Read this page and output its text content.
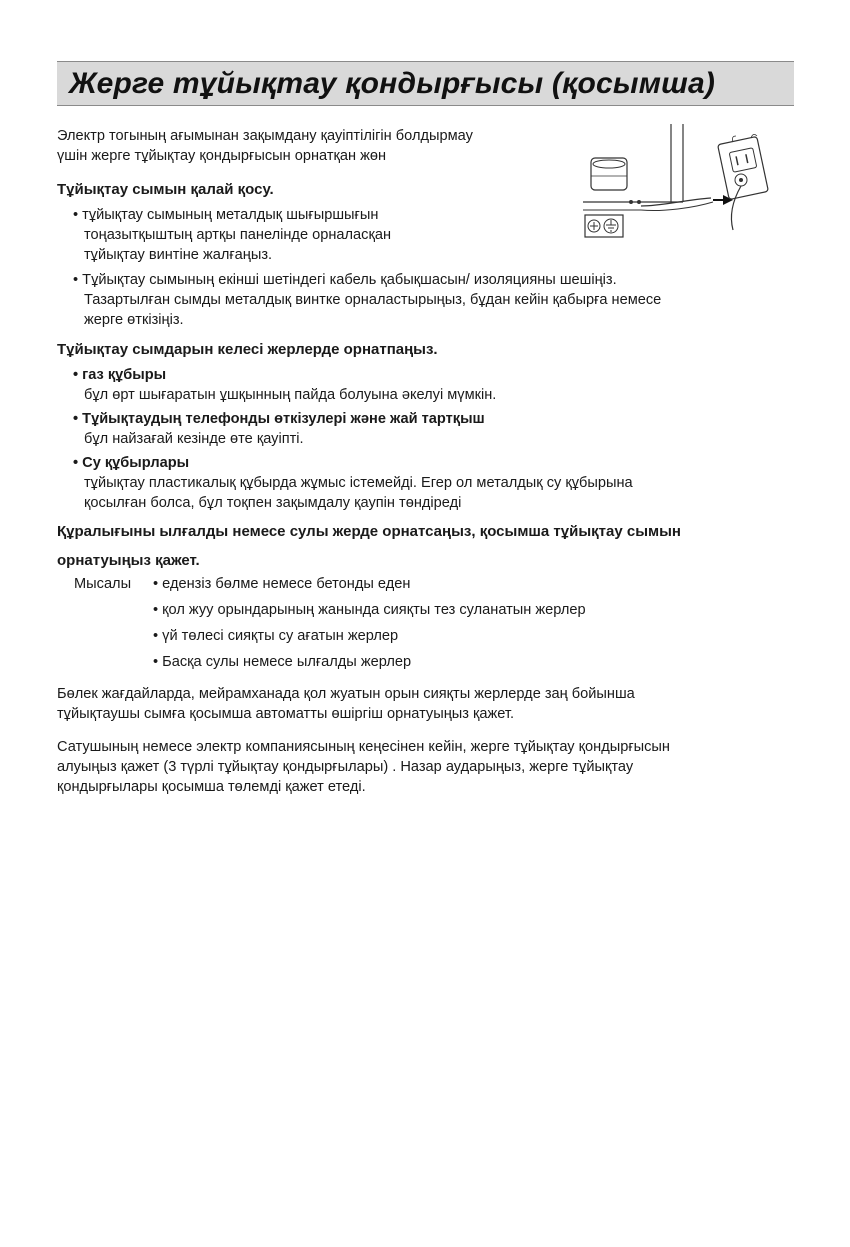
Жерге тұйықтау қондырғысы (қосымша)
Электр тогының ағымынан зақымдану қауіптілігін болдырмау
үшін жерге тұйықтау қондырғысын орнатқан жөн
Тұйықтау сымын қалай қосу.
• тұйықтау сымының металдық шығыршығын
тоңазытқыштың артқы панелінде орналасқан
тұйықтау винтіне жалғаңыз.
• Тұйықтау сымының екінші шетіндегі кабель қабықшасын/ изоляцияны шешіңіз.
Тазартылған сымды металдық винтке орналастырыңыз, бұдан кейін қабырға немесе
жерге өткізіңіз.
Тұйықтау сымдарын келесі жерлерде орнатпаңыз.
• газ құбыры
бұл өрт шығаратын ұшқынның пайда болуына әкелуі мүмкін.
• Тұйықтаудың телефонды өткізулері және жай тартқыш
бұл найзағай кезінде өте қауіпті.
• Су құбырлары
тұйықтау пластикалық құбырда жұмыс істемейді. Егер ол металдық су құбырына
қосылған болса, бұл тоқпен зақымдалу қаупін төндіреді
Құралығыны ылғалды немесе сулы жерде орнатсаңыз, қосымша тұйықтау сымын
орнатуыңыз қажет.
Мысалы • едензіз бөлме немесе бетонды еден
• қол жуу орындарының жанында сияқты тез суланатын жерлер
• үй төлесі сияқты су ағатын жерлер
• Басқа сулы немесе ылғалды жерлер
Бөлек жағдайларда, мейрамханада қол жуатын орын сияқты жерлерде заң бойынша
тұйықтаушы сымға қосымша автоматты өшіргіш орнатуыңыз қажет.
Сатушының немесе электр компаниясының кеңесінен кейін, жерге тұйықтау қондырғысын
алуыңыз қажет (3 түрлі тұйықтау қондырғылары) . Назар аударыңыз, жерге тұйықтау
қондырғылары қосымша төлемді қажет етеді.
